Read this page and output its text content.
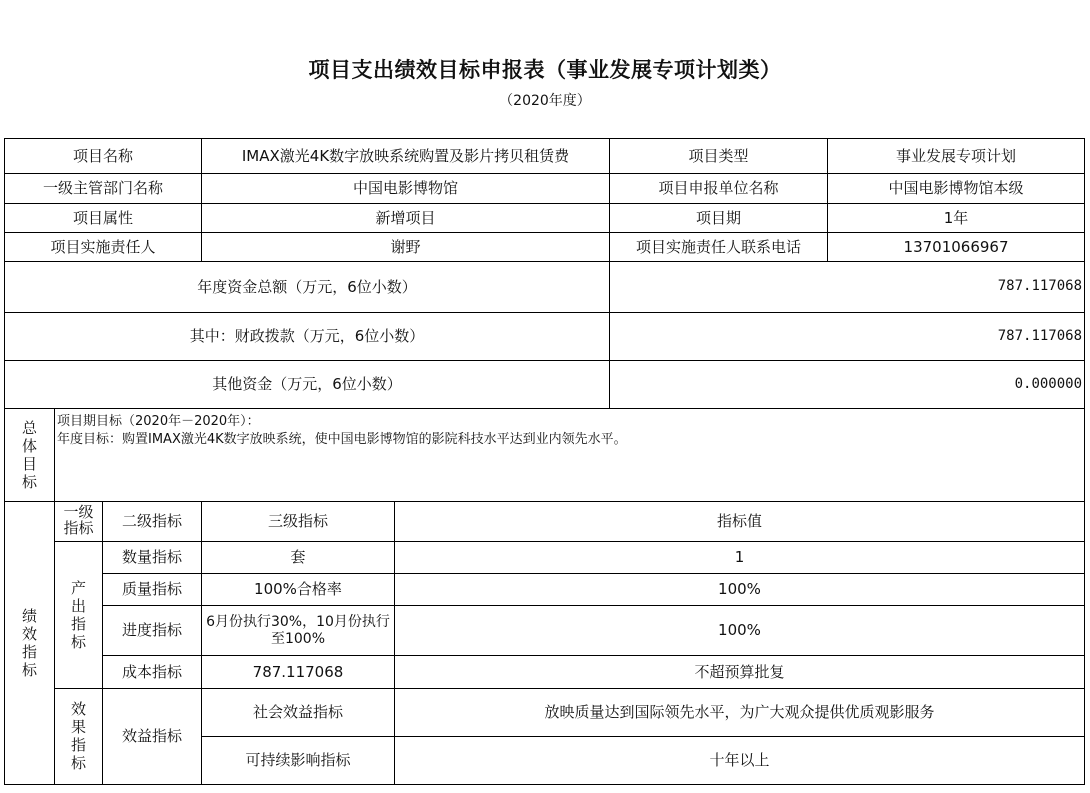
项目支出绩效目标申报表（事业发展专项计划类）
（2020年度）
项目名称		IMAX激光4K数字放映系统购置及影片拷贝租赁费	项目类型	事业发展专项计划
一级主管部门名称		中国电影博物馆	项目申报单位名称	中国电影博物馆本级
项目属性		新增项目	项目期	1年
项目实施责任人		谢野	项目实施责任人联系电话	13701066967
年度资金总额（万元，6位小数）			787.117068	
其中：财政拨款（万元，6位小数）			787.117068	
其他资金（万元，6位小数）			0.000000	
总体目标	项目期目标（2020年－2020年）：
年度目标：购置IMAX激光4K数字放映系统，使中国电影博物馆的影院科技水平达到业内领先水平。			
绩效指标	一级指标	二级指标	三级指标	指标值
	产出指标	数量指标	套	1
		质量指标	100%合格率	100%
		进度指标	6月份执行30%，10月份执行至100%	100%
		成本指标	787.117068	不超预算批复
	效果指标	效益指标	社会效益指标	放映质量达到国际领先水平，为广大观众提供优质观影服务
			可持续影响指标	十年以上
